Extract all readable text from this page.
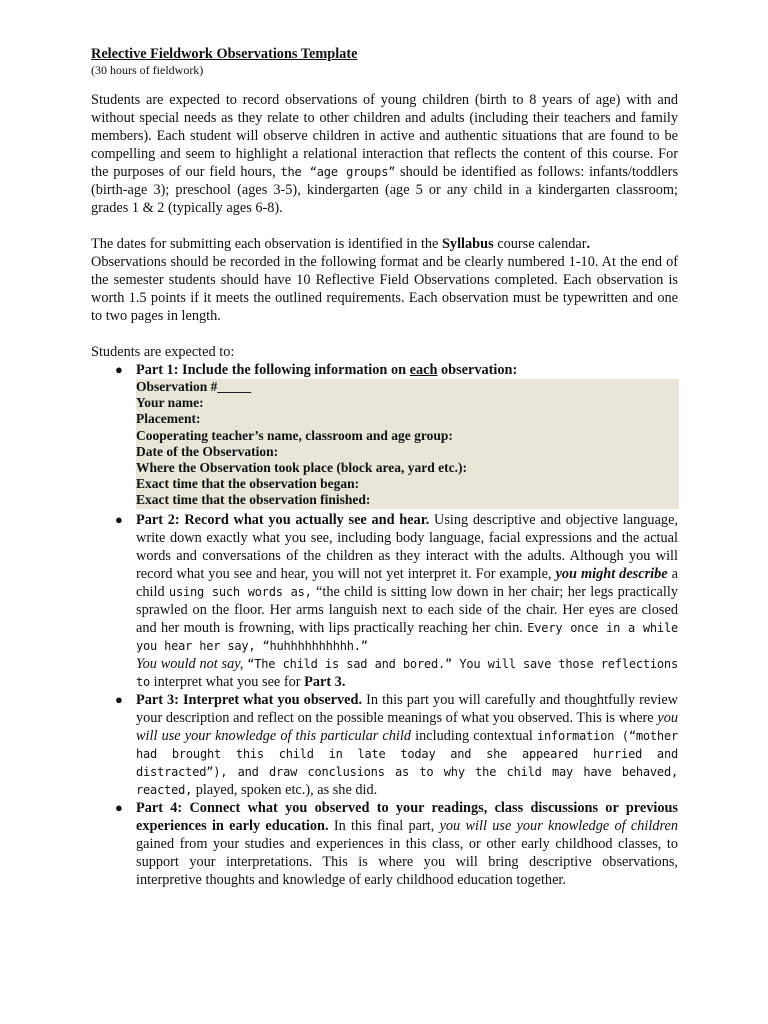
Relective Fieldwork Observations Template
(30 hours of fieldwork)

Students are expected to record observations of young children (birth to 8 years of age) with and without special needs as they relate to other children and adults (including their teachers and family members). Each student will observe children in active and authentic situations that are found to be compelling and seem to highlight a relational interaction that reflects the content of this course. For the purposes of our field hours, the “age groups” should be identified as follows: infants/toddlers (birth-age 3); preschool (ages 3-5), kindergarten (age 5 or any child in a kindergarten classroom; grades 1 & 2 (typically ages 6-8).

The dates for submitting each observation is identified in the Syllabus course calendar.
Observations should be recorded in the following format and be clearly numbered 1-10. At the end of the semester students should have 10 Reflective Field Observations completed. Each observation is worth 1.5 points if it meets the outlined requirements. Each observation must be typewritten and one to two pages in length.

Students are expected to:

● Part 1: Include the following information on each observation:
Observation #_____
Your name:
Placement:
Cooperating teacher’s name, classroom and age group:
Date of the Observation:
Where the Observation took place (block area, yard etc.):
Exact time that the observation began:
Exact time that the observation finished:
● Part 2: Record what you actually see and hear. Using descriptive and objective language, write down exactly what you see, including body language, facial expressions and the actual words and conversations of the children as they interact with the adults. Although you will record what you see and hear, you will not yet interpret it. For example, you might describe a child using such words as, “the child is sitting low down in her chair; her legs practically sprawled on the floor. Her arms languish next to each side of the chair. Her eyes are closed and her mouth is frowning, with lips practically reaching her chin. Every once in a while you hear her say, “huhhhhhhhhhh.”
You would not say, “The child is sad and bored.” You will save those reflections to interpret what you see for Part 3.
● Part 3: Interpret what you observed. In this part you will carefully and thoughtfully review your description and reflect on the possible meanings of what you observed. This is where you will use your knowledge of this particular child including contextual information (“mother had brought this child in late today and she appeared hurried and distracted”), and draw conclusions as to why the child may have behaved, reacted, played, spoken etc.), as she did.
● Part 4: Connect what you observed to your readings, class discussions or previous experiences in early education. In this final part, you will use your knowledge of children gained from your studies and experiences in this class, or other early childhood classes, to support your interpretations. This is where you will bring descriptive observations, interpretive thoughts and knowledge of early childhood education together.
